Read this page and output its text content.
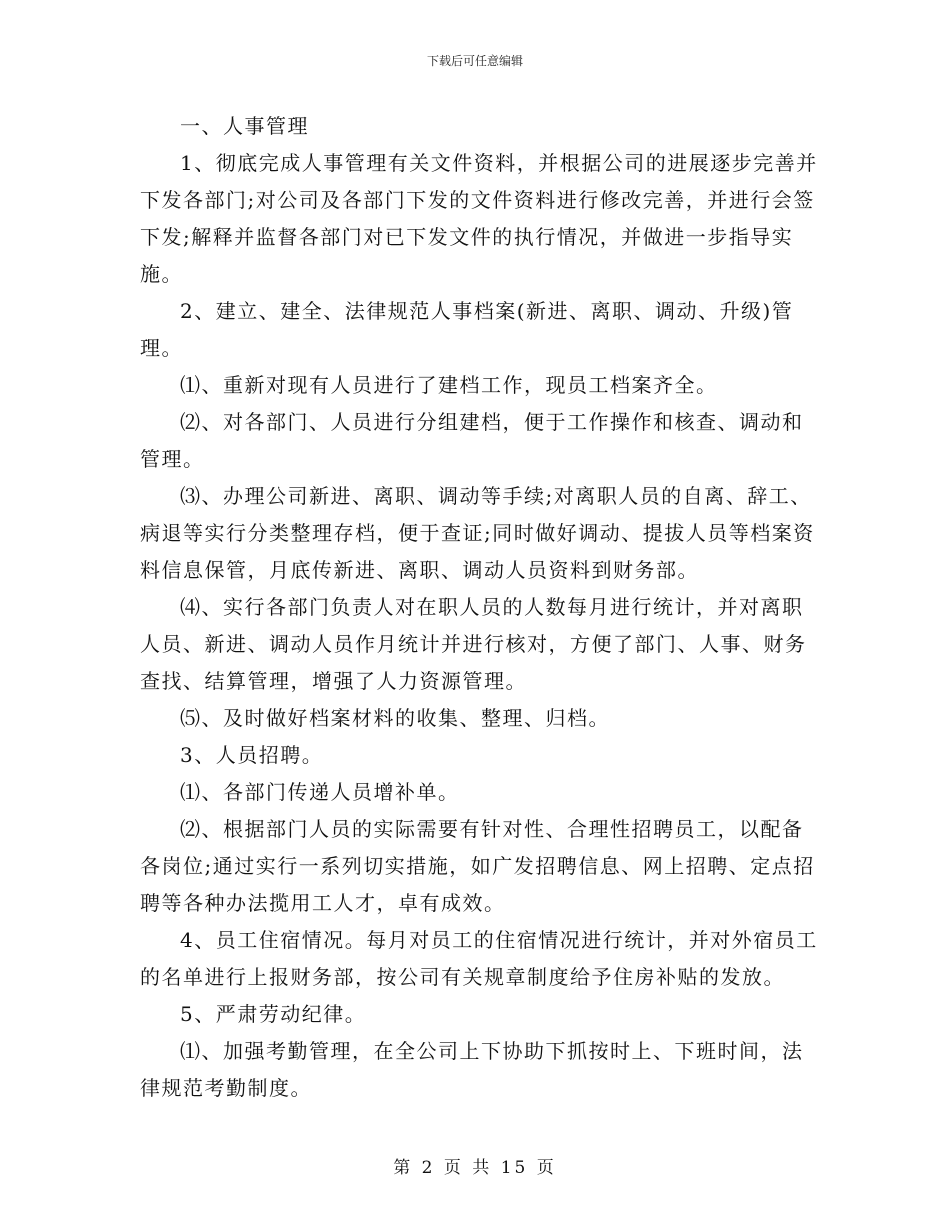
下载后可任意编辑

一、人事管理

1、彻底完成人事管理有关文件资料，并根据公司的进展逐步完善并下发各部门;对公司及各部门下发的文件资料进行修改完善，并进行会签下发;解释并监督各部门对已下发文件的执行情况，并做进一步指导实施。

2、建立、建全、法律规范人事档案(新进、离职、调动、升级)管理。

⑴、重新对现有人员进行了建档工作，现员工档案齐全。

⑵、对各部门、人员进行分组建档，便于工作操作和核查、调动和管理。

⑶、办理公司新进、离职、调动等手续;对离职人员的自离、辞工、病退等实行分类整理存档，便于查证;同时做好调动、提拔人员等档案资料信息保管，月底传新进、离职、调动人员资料到财务部。

⑷、实行各部门负责人对在职人员的人数每月进行统计，并对离职人员、新进、调动人员作月统计并进行核对，方便了部门、人事、财务查找、结算管理，增强了人力资源管理。

⑸、及时做好档案材料的收集、整理、归档。

3、人员招聘。

⑴、各部门传递人员增补单。

⑵、根据部门人员的实际需要有针对性、合理性招聘员工，以配备各岗位;通过实行一系列切实措施，如广发招聘信息、网上招聘、定点招聘等各种办法揽用工人才，卓有成效。

4、员工住宿情况。每月对员工的住宿情况进行统计，并对外宿员工的名单进行上报财务部，按公司有关规章制度给予住房补贴的发放。

5、严肃劳动纪律。

⑴、加强考勤管理，在全公司上下协助下抓按时上、下班时间，法律规范考勤制度。

第 2 页 共 15 页
